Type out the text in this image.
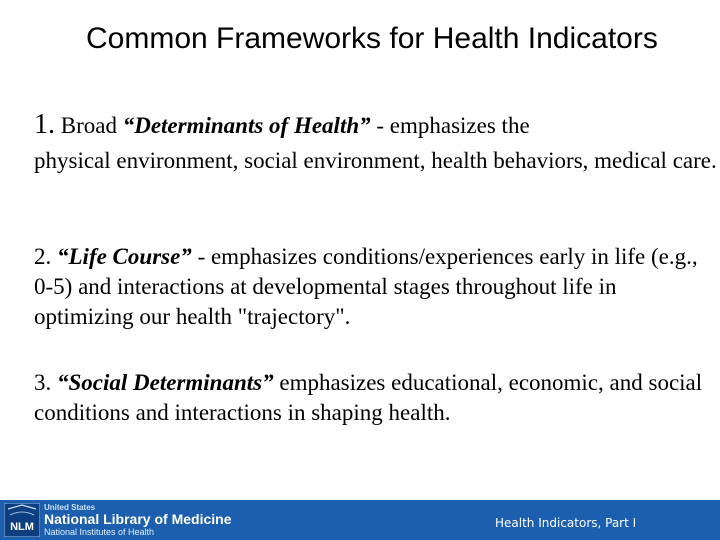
Common Frameworks for Health Indicators
1. Broad “Determinants of Health” - emphasizes the
physical environment, social environment, health behaviors, medical care.
2. “Life Course” - emphasizes conditions/experiences early in life (e.g., 0-5) and interactions at developmental stages throughout life in optimizing our health "trajectory".
3. “Social Determinants” emphasizes educational, economic, and social conditions and interactions in shaping health.
NLM
United States
National Library of Medicine
National Institutes of Health
Health Indicators, Part I
